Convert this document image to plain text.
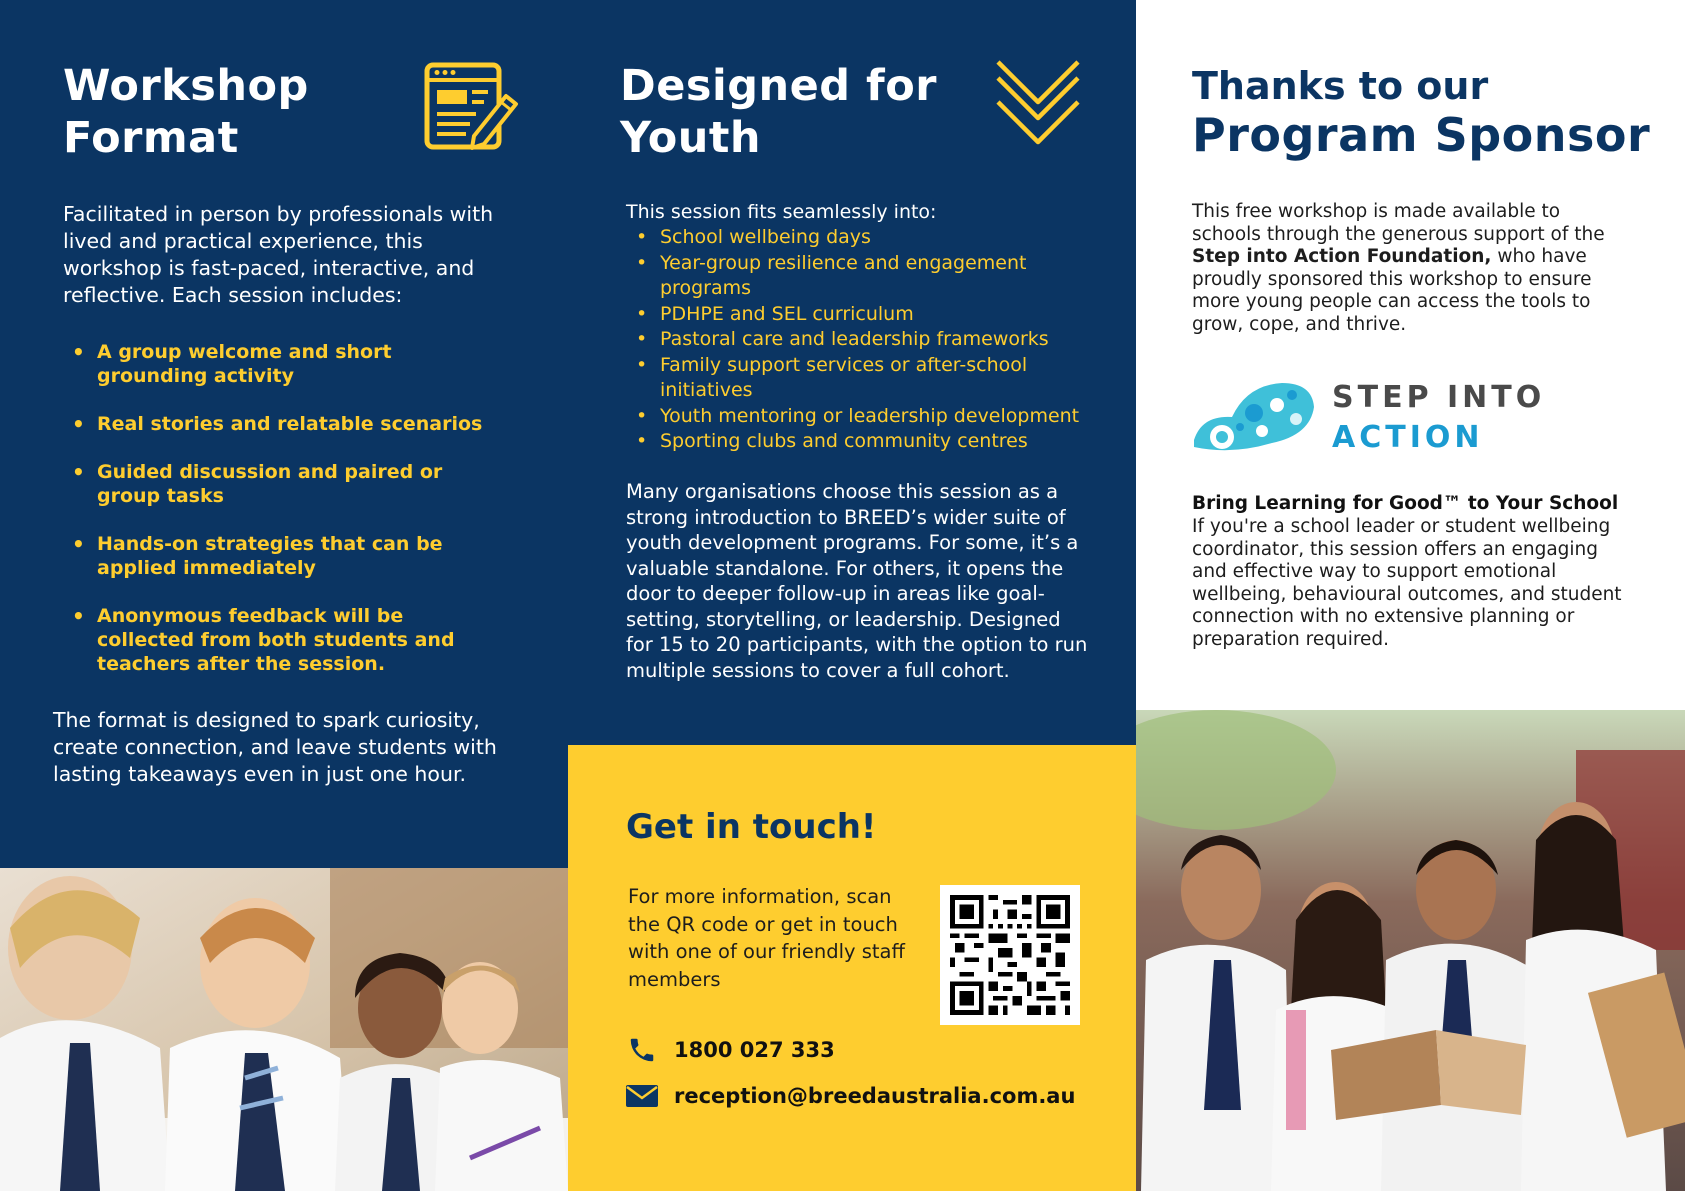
Workshop
Format

Facilitated in person by professionals with lived and practical experience, this workshop is fast-paced, interactive, and reflective. Each session includes:

• A group welcome and short grounding activity
• Real stories and relatable scenarios
• Guided discussion and paired or group tasks
• Hands-on strategies that can be applied immediately
• Anonymous feedback will be collected from both students and teachers after the session.

The format is designed to spark curiosity, create connection, and leave students with lasting takeaways even in just one hour.

Designed for
Youth

This session fits seamlessly into:

• School wellbeing days
• Year-group resilience and engagement programs
• PDHPE and SEL curriculum
• Pastoral care and leadership frameworks
• Family support services or after-school initiatives
• Youth mentoring or leadership development
• Sporting clubs and community centres

Many organisations choose this session as a strong introduction to BREED’s wider suite of youth development programs. For some, it’s a valuable standalone. For others, it opens the door to deeper follow-up in areas like goal-setting, storytelling, or leadership. Designed for 15 to 20 participants, with the option to run multiple sessions to cover a full cohort.

Get in touch!

For more information, scan the QR code or get in touch with one of our friendly staff members

1800 027 333
reception@breedaustralia.com.au
Thanks to our
Program Sponsor

This free workshop is made available to schools through the generous support of the Step into Action Foundation, who have proudly sponsored this workshop to ensure more young people can access the tools to grow, cope, and thrive.

STEP INTO
ACTION
Bring Learning for Good™ to Your School

If you're a school leader or student wellbeing coordinator, this session offers an engaging and effective way to support emotional wellbeing, behavioural outcomes, and student connection with no extensive planning or preparation required.
